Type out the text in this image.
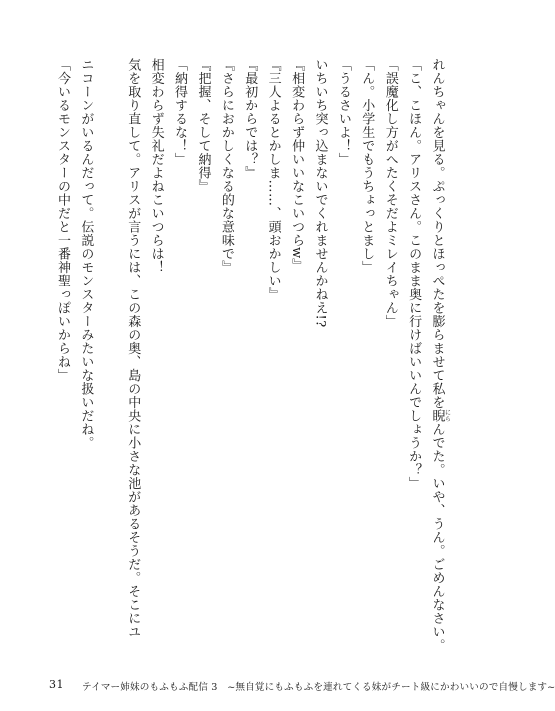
れんちゃんを見る。ぷっくりとほっぺたを膨らませて私を睨 にらんでた。いや、うん。ごめんなさい。

「こ、こほん。アリスさん。このまま奥に行けばいいんでしょうか？」

「誤魔化し方がへたくそだよミレイちゃん」

「ん。小学生でもうちょっとまし」

「うるさいよ！」

いちいち突っ込まないでくれませんかねえ!?

『相変わらず仲いいなこいつらw』

『三人よるとかしま……、頭おかしい』

『最初からでは？』

『さらにおかしくなる的な意味で』

『把握、そして納得』

「納得するな！」

相変わらず失礼だよねこいつらは！

気を取り直して。アリスが言うには、この森の奥、島の中央に小さな池があるそうだ。そこにユ

ニコーンがいるんだって。伝説のモンスターみたいな扱いだね。

「今いるモンスターの中だと一番神聖っぽいからね」

31 テイマー姉妹のもふもふ配信 3　~無自覚にもふもふを連れてくる妹がチート級にかわいいので自慢します~
